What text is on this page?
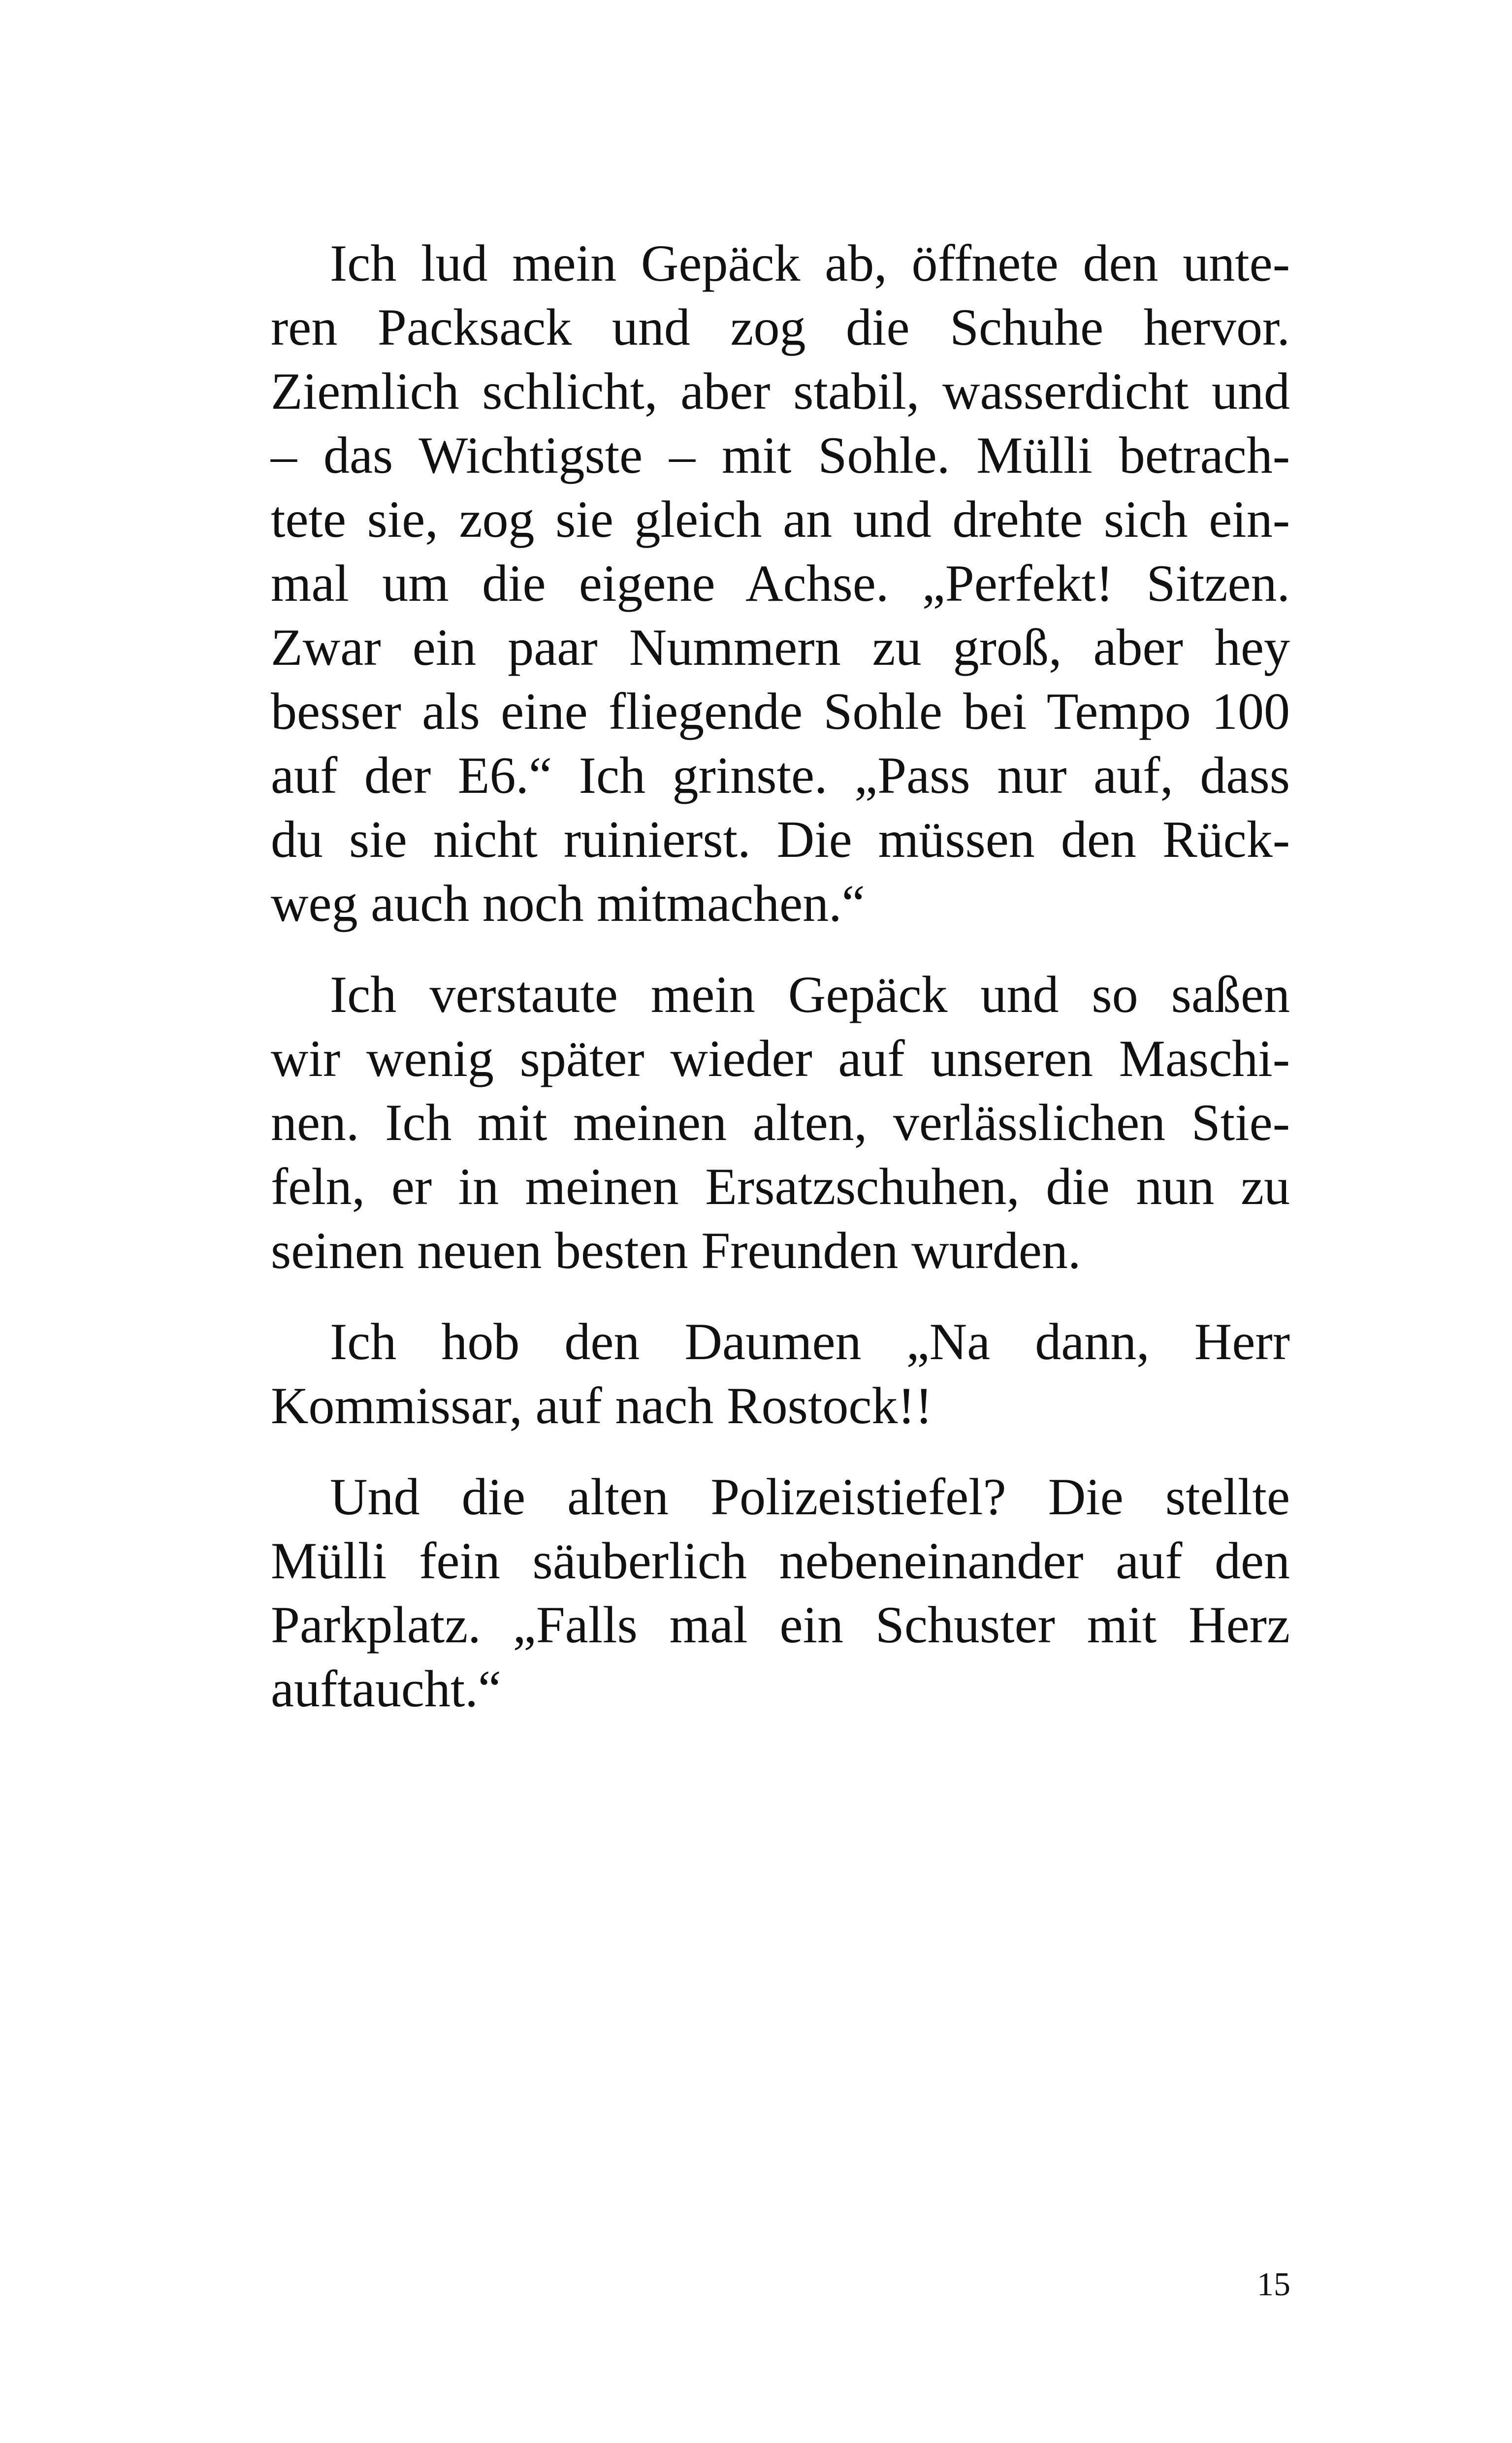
Ich lud mein Gepäck ab, öffnete den unte-
ren Packsack und zog die Schuhe hervor.
Ziemlich schlicht, aber stabil, wasserdicht und
– das Wichtigste – mit Sohle. Mülli betrach-
tete sie, zog sie gleich an und drehte sich ein-
mal um die eigene Achse. „Perfekt! Sitzen.
Zwar ein paar Nummern zu groß, aber hey
besser als eine fliegende Sohle bei Tempo 100
auf der E6.“ Ich grinste. „Pass nur auf, dass
du sie nicht ruinierst. Die müssen den Rück-
weg auch noch mitmachen.“

Ich verstaute mein Gepäck und so saßen
wir wenig später wieder auf unseren Maschi-
nen. Ich mit meinen alten, verlässlichen Stie-
feln, er in meinen Ersatzschuhen, die nun zu
seinen neuen besten Freunden wurden.

Ich hob den Daumen „Na dann, Herr
Kommissar, auf nach Rostock!!

Und die alten Polizeistiefel? Die stellte
Mülli fein säuberlich nebeneinander auf den
Parkplatz. „Falls mal ein Schuster mit Herz
auftaucht.“

15
